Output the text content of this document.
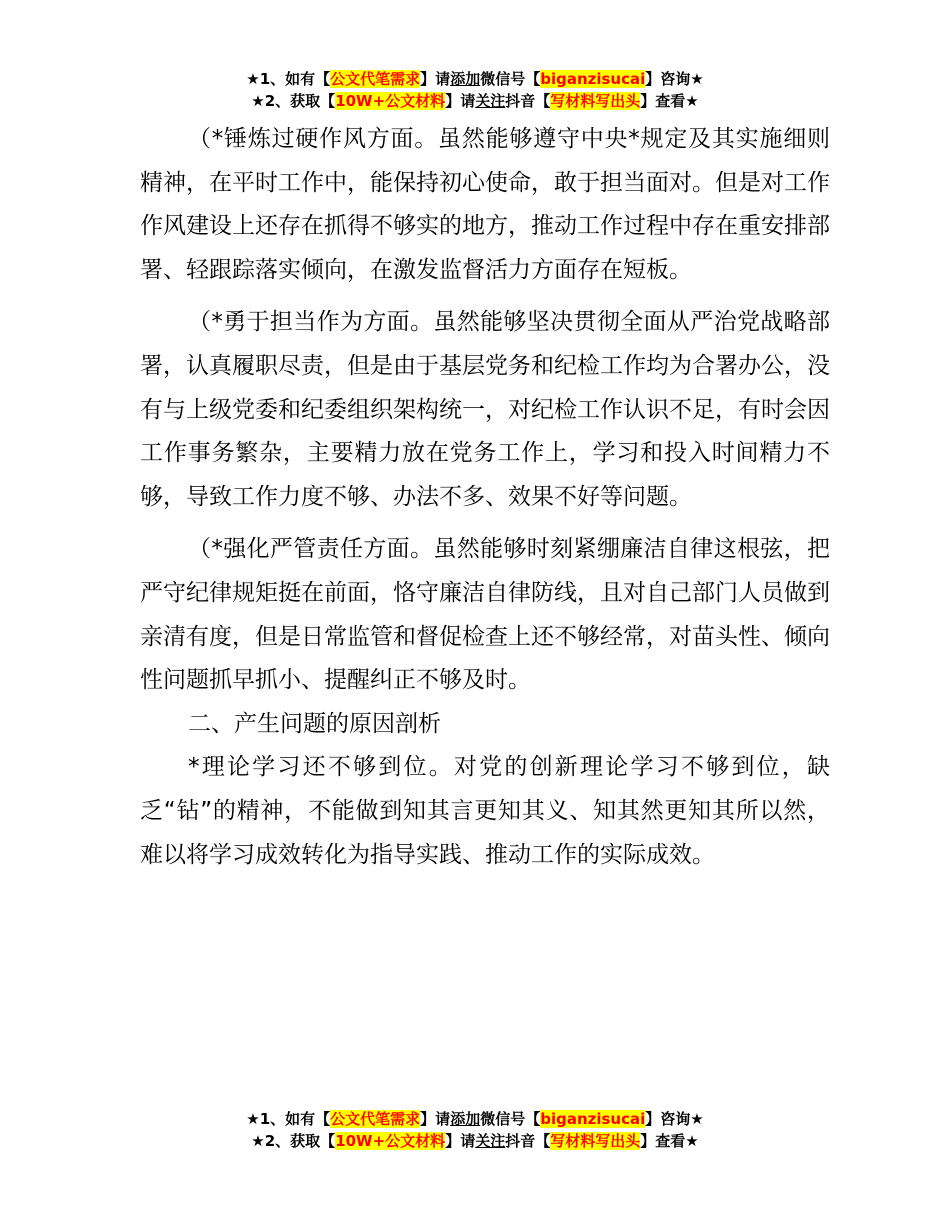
★1、如有【公文代笔需求】请添加微信号【biganzisucai】咨询★
★2、获取【10W+公文材料】请关注抖音【写材料写出头】查看★

（*锤炼过硬作风方面。虽然能够遵守中央*规定及其实施细则精神，在平时工作中，能保持初心使命，敢于担当面对。但是对工作作风建设上还存在抓得不够实的地方，推动工作过程中存在重安排部署、轻跟踪落实倾向，在激发监督活力方面存在短板。

（*勇于担当作为方面。虽然能够坚决贯彻全面从严治党战略部署，认真履职尽责，但是由于基层党务和纪检工作均为合署办公，没有与上级党委和纪委组织架构统一，对纪检工作认识不足，有时会因工作事务繁杂，主要精力放在党务工作上，学习和投入时间精力不够，导致工作力度不够、办法不多、效果不好等问题。

（*强化严管责任方面。虽然能够时刻紧绷廉洁自律这根弦，把严守纪律规矩挺在前面，恪守廉洁自律防线，且对自己部门人员做到亲清有度，但是日常监管和督促检查上还不够经常，对苗头性、倾向性问题抓早抓小、提醒纠正不够及时。

二、产生问题的原因剖析

*理论学习还不够到位。对党的创新理论学习不够到位，缺乏“钻”的精神，不能做到知其言更知其义、知其然更知其所以然，难以将学习成效转化为指导实践、推动工作的实际成效。

★1、如有【公文代笔需求】请添加微信号【biganzisucai】咨询★
★2、获取【10W+公文材料】请关注抖音【写材料写出头】查看★
